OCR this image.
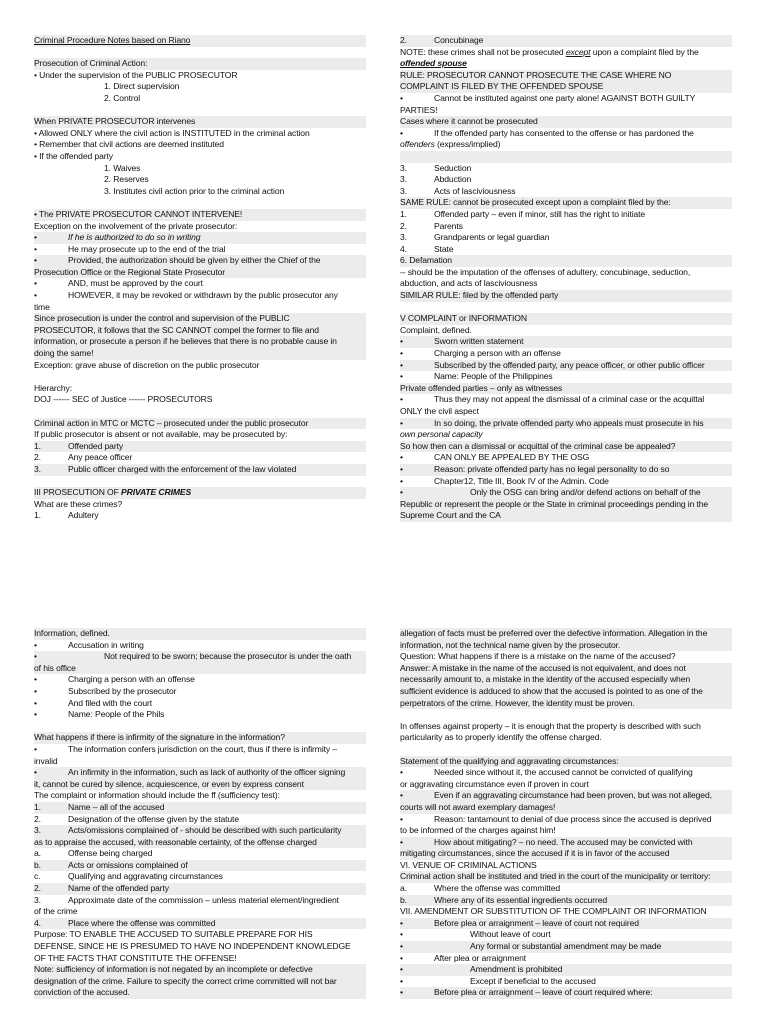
Criminal Procedure Notes based on Riano
Prosecution of Criminal Action:
• Under the supervision of the PUBLIC PROSECUTOR
1. Direct supervision
2. Control
When PRIVATE PROSECUTOR intervenes
• Allowed ONLY where the civil action is INSTITUTED in the criminal action
• Remember that civil actions are deemed instituted
• If the offended party
1. Waives
2. Reserves
3. Institutes civil action prior to the criminal action
• The PRIVATE PROSECUTOR CANNOT INTERVENE!
Exception on the involvement of the private prosecutor:
• If he is authorized to do so in writing
• He may prosecute up to the end of the trial
• Provided, the authorization should be given by either the Chief of the
Prosecution Office or the Regional State Prosecutor
• AND, must be approved by the court
• HOWEVER, it may be revoked or withdrawn by the public prosecutor any
time
Since prosecution is under the control and supervision of the PUBLIC
PROSECUTOR, it follows that the SC CANNOT compel the former to file and
information, or prosecute a person if he believes that there is no probable cause in
doing the same!
Exception: grave abuse of discretion on the public prosecutor
Hierarchy:
DOJ ------ SEC of Justice ------ PROSECUTORS
Criminal action in MTC or MCTC – prosecuted under the public prosecutor
If public prosecutor is absent or not available, may be prosecuted by:
1.	Offended party
2.	Any peace officer
3.	Public officer charged with the enforcement of the law violated
III PROSECUTION OF PRIVATE CRIMES
What are these crimes?
1.	Adultery
2.	Concubinage
NOTE: these crimes shall not be prosecuted except upon a complaint filed by the
offended spouse
RULE: PROSECUTOR CANNOT PROSECUTE THE CASE WHERE NO
COMPLAINT IS FILED BY THE OFFENDED SPOUSE
• Cannot be instituted against one party alone! AGAINST BOTH GUILTY
PARTIES!
Cases where it cannot be prosecuted
• If the offended party has consented to the offense or has pardoned the
offenders (express/implied)
3.	Seduction
3.	Abduction
3.	Acts of lasciviousness
SAME RULE: cannot be prosecuted except upon a complaint filed by the:
1.	Offended party – even if minor, still has the right to initiate
2.	Parents
3.	Grandparents or legal guardian
4.	State
6. Defamation
-- should be the imputation of the offenses of adultery, concubinage, seduction,
abduction, and acts of lasciviousness
SIMILAR RULE: filed by the offended party
V COMPLAINT or INFORMATION
Complaint, defined.
• Sworn written statement
• Charging a person with an offense
• Subscribed by the offended party, any peace officer, or other public officer
• Name: People of the Philippines
Private offended parties – only as witnesses
• Thus they may not appeal the dismissal of a criminal case or the acquittal
ONLY the civil aspect
• In so doing, the private offended party who appeals must prosecute in his
own personal capacity
So how then can a dismissal or acquittal of the criminal case be appealed?
• CAN ONLY BE APPEALED BY THE OSG
• Reason: private offended party has no legal personality to do so
• Chapter12, Title III, Book IV of the Admin. Code
• Only the OSG can bring and/or defend actions on behalf of the
Republic or represent the people or the State in criminal proceedings pending in the
Supreme Court and the CA
Information, defined.
• Accusation in writing
• Not required to be sworn; because the prosecutor is under the oath
of his office
• Charging a person with an offense
• Subscribed by the prosecutor
• And filed with the court
• Name: People of the Phils
What happens if there is infirmity of the signature in the information?
• The information confers jurisdiction on the court, thus if there is infirmity –
invalid
• An infirmity in the information, such as lack of authority of the officer signing
it, cannot be cured by silence, acquiescence, or even by express consent
The complaint or information should include the ff (sufficiency test):
1.	Name – all of the accused
2.	Designation of the offense given by the statute
3.	Acts/omissions complained of - should be described with such particularity
as to appraise the accused, with reasonable certainty, of the offense charged
a.	Offense being charged
b.	Acts or omissions complained of
c.	Qualifying and aggravating circumstances
2.	Name of the offended party
3.	Approximate date of the commission – unless material element/ingredient
of the crime
4.	Place where the offense was committed
Purpose: TO ENABLE THE ACCUSED TO SUITABLE PREPARE FOR HIS
DEFENSE, SINCE HE IS PRESUMED TO HAVE NO INDEPENDENT KNOWLEDGE
OF THE FACTS THAT CONSTITUTE THE OFFENSE!
Note: sufficiency of information is not negated by an incomplete or defective
designation of the crime. Failure to specify the correct crime committed will not bar
conviction of the accused.
allegation of facts must be preferred over the defective information. Allegation in the
information, not the technical name given by the prosecutor.
Question: What happens if there is a mistake on the name of the accused?
Answer: A mistake in the name of the accused is not equivalent, and does not
necessarily amount to, a mistake in the identity of the accused especially when
sufficient evidence is adduced to show that the accused is pointed to as one of the
perpetrators of the crime. However, the identity must be proven.
In offenses against property – it is enough that the property is described with such
particularity as to properly identify the offense charged.
Statement of the qualifying and aggravating circumstances:
• Needed since without it, the accused cannot be convicted of qualifying
or aggravating circumstance even if proven in court
• Even if an aggravating circumstance had been proven, but was not alleged,
courts will not award exemplary damages!
• Reason: tantamount to denial of due process since the accused is deprived
to be informed of the charges against him!
• How about mitigating? – no need. The accused may be convicted with
mitigating circumstances, since the accused if it is in favor of the accused
VI. VENUE OF CRIMINAL ACTIONS
Criminal action shall be instituted and tried in the court of the municipality or territory:
a.	Where the offense was committed
b.	Where any of its essential ingredients occurred
VII. AMENDMENT OR SUBSTITUTION OF THE COMPLAINT OR INFORMATION
• Before plea or arraignment – leave of court not required
• Without leave of court
• Any formal or substantial amendment may be made
• After plea or arraignment
• Amendment is prohibited
• Except if beneficial to the accused
• Before plea or arraignment – leave of court required where:
